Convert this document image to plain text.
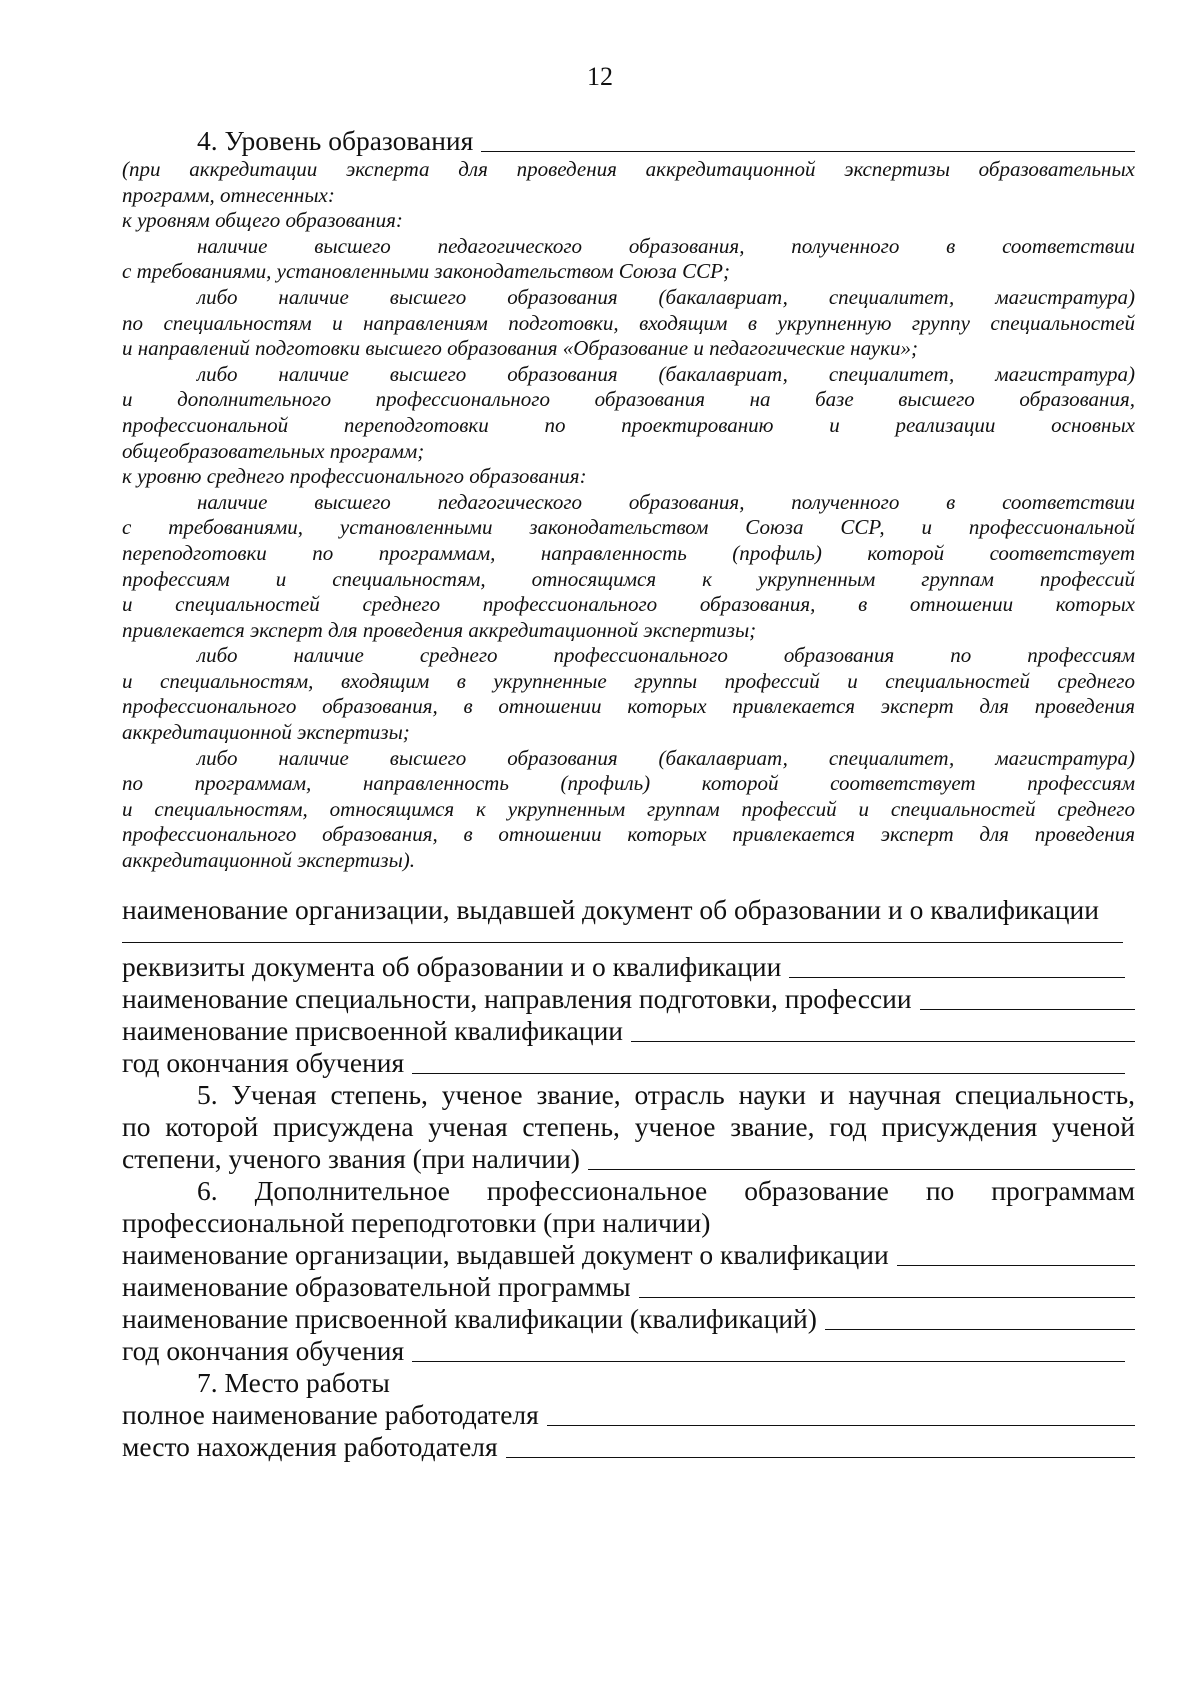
12
4. Уровень образования
(при аккредитации эксперта для проведения аккредитационной экспертизы образовательных
программ, отнесенных:
к уровням общего образования:
наличие высшего педагогического образования, полученного в соответствии
с требованиями, установленными законодательством Союза ССР;
либо наличие высшего образования (бакалавриат, специалитет, магистратура)
по специальностям и направлениям подготовки, входящим в укрупненную группу специальностей
и направлений подготовки высшего образования «Образование и педагогические науки»;
либо наличие высшего образования (бакалавриат, специалитет, магистратура)
и дополнительного профессионального образования на базе высшего образования,
профессиональной переподготовки по проектированию и реализации основных
общеобразовательных программ;
к уровню среднего профессионального образования:
наличие высшего педагогического образования, полученного в соответствии
с требованиями, установленными законодательством Союза ССР, и профессиональной
переподготовки по программам, направленность (профиль) которой соответствует
профессиям и специальностям, относящимся к укрупненным группам профессий
и специальностей среднего профессионального образования, в отношении которых
привлекается эксперт для проведения аккредитационной экспертизы;
либо наличие среднего профессионального образования по профессиям
и специальностям, входящим в укрупненные группы профессий и специальностей среднего
профессионального образования, в отношении которых привлекается эксперт для проведения
аккредитационной экспертизы;
либо наличие высшего образования (бакалавриат, специалитет, магистратура)
по программам, направленность (профиль) которой соответствует профессиям
и специальностям, относящимся к укрупненным группам профессий и специальностей среднего
профессионального образования, в отношении которых привлекается эксперт для проведения
аккредитационной экспертизы).
наименование организации, выдавшей документ об образовании и о квалификации
реквизиты документа об образовании и о квалификации
наименование специальности, направления подготовки, профессии
наименование присвоенной квалификации
год окончания обучения
5. Ученая степень, ученое звание, отрасль науки и научная специальность,
по которой присуждена ученая степень, ученое звание, год присуждения ученой
степени, ученого звания (при наличии)
6. Дополнительное профессиональное образование по программам
профессиональной переподготовки (при наличии)
наименование организации, выдавшей документ о квалификации
наименование образовательной программы
наименование присвоенной квалификации (квалификаций)
год окончания обучения
7. Место работы
полное наименование работодателя
место нахождения работодателя
